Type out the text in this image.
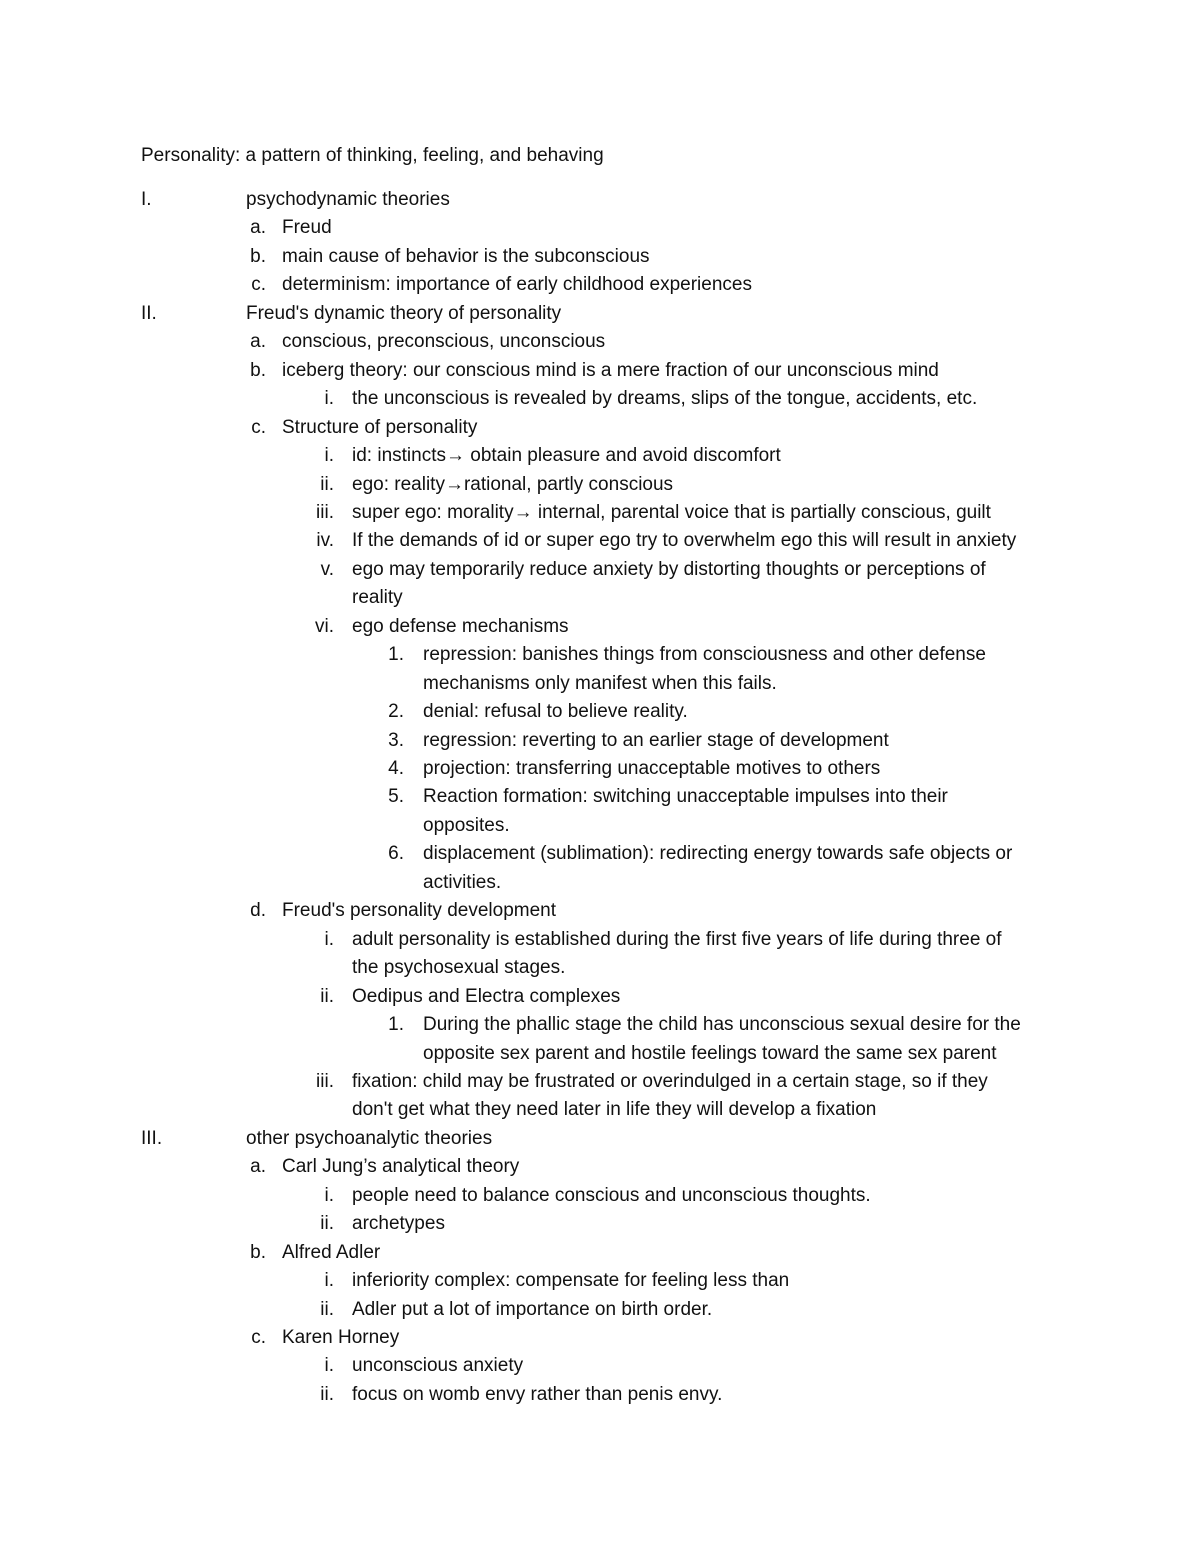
Personality: a pattern of thinking, feeling, and behaving
I.	psychodynamic theories
a. Freud
b. main cause of behavior is the subconscious
c. determinism: importance of early childhood experiences
II.	Freud's dynamic theory of personality
a. conscious, preconscious, unconscious
b. iceberg theory: our conscious mind is a mere fraction of our unconscious mind
i. the unconscious is revealed by dreams, slips of the tongue, accidents, etc.
c. Structure of personality
i. id: instincts→ obtain pleasure and avoid discomfort
ii. ego: reality→rational, partly conscious
iii. super ego: morality→ internal, parental voice that is partially conscious, guilt
iv. If the demands of id or super ego try to overwhelm ego this will result in anxiety
v. ego may temporarily reduce anxiety by distorting thoughts or perceptions of
reality
vi. ego defense mechanisms
1. repression: banishes things from consciousness and other defense
mechanisms only manifest when this fails.
2. denial: refusal to believe reality.
3. regression: reverting to an earlier stage of development
4. projection: transferring unacceptable motives to others
5. Reaction formation: switching unacceptable impulses into their
opposites.
6. displacement (sublimation): redirecting energy towards safe objects or
activities.
d. Freud's personality development
i. adult personality is established during the first five years of life during three of
the psychosexual stages.
ii. Oedipus and Electra complexes
1. During the phallic stage the child has unconscious sexual desire for the
opposite sex parent and hostile feelings toward the same sex parent
iii. fixation: child may be frustrated or overindulged in a certain stage, so if they
don't get what they need later in life they will develop a fixation
III.	other psychoanalytic theories
a. Carl Jung’s analytical theory
i. people need to balance conscious and unconscious thoughts.
ii. archetypes
b. Alfred Adler
i. inferiority complex: compensate for feeling less than
ii. Adler put a lot of importance on birth order.
c. Karen Horney
i. unconscious anxiety
ii. focus on womb envy rather than penis envy.
